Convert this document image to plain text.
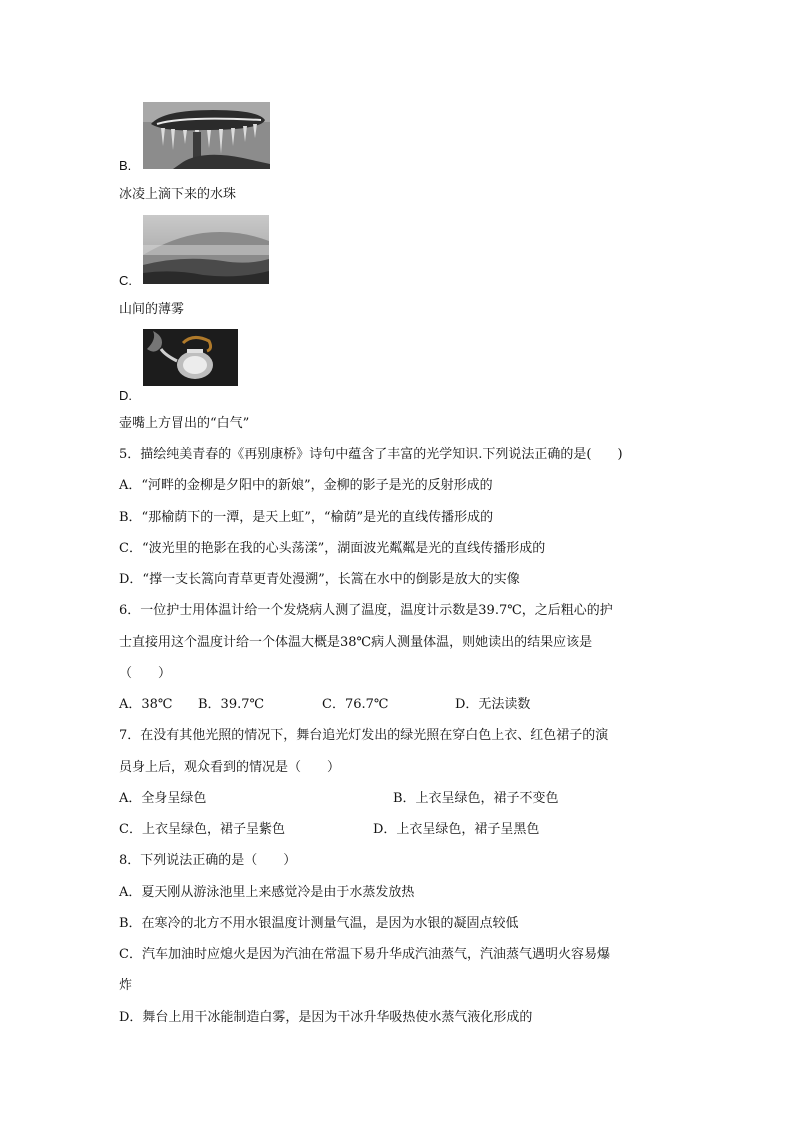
B.
冰凌上滴下来的水珠
C.
山间的薄雾
D.
壶嘴上方冒出的“白气”
5．描绘纯美青春的《再别康桥》诗句中蕴含了丰富的光学知识.下列说法正确的是(　　)
A．“河畔的金柳是夕阳中的新娘”，金柳的影子是光的反射形成的
B．“那榆荫下的一潭，是天上虹”，“榆荫”是光的直线传播形成的
C．“波光里的艳影在我的心头荡漾”，湖面波光粼粼是光的直线传播形成的
D．“撑一支长篙向青草更青处漫溯”，长篙在水中的倒影是放大的实像
6．一位护士用体温计给一个发烧病人测了温度，温度计示数是39.7℃，之后粗心的护
士直接用这个温度计给一个体温大概是38℃病人测量体温，则她读出的结果应该是
（　　）
A．38℃ B．39.7℃	C．76.7℃	D．无法读数
7．在没有其他光照的情况下，舞台追光灯发出的绿光照在穿白色上衣、红色裙子的演
员身上后，观众看到的情况是（　　）
A．全身呈绿色	B．上衣呈绿色，裙子不变色
C．上衣呈绿色，裙子呈紫色	D．上衣呈绿色，裙子呈黑色
8．下列说法正确的是（　　）
A．夏天刚从游泳池里上来感觉冷是由于水蒸发放热
B．在寒冷的北方不用水银温度计测量气温，是因为水银的凝固点较低
C．汽车加油时应熄火是因为汽油在常温下易升华成汽油蒸气，汽油蒸气遇明火容易爆
炸
D．舞台上用干冰能制造白雾，是因为干冰升华吸热使水蒸气液化形成的
